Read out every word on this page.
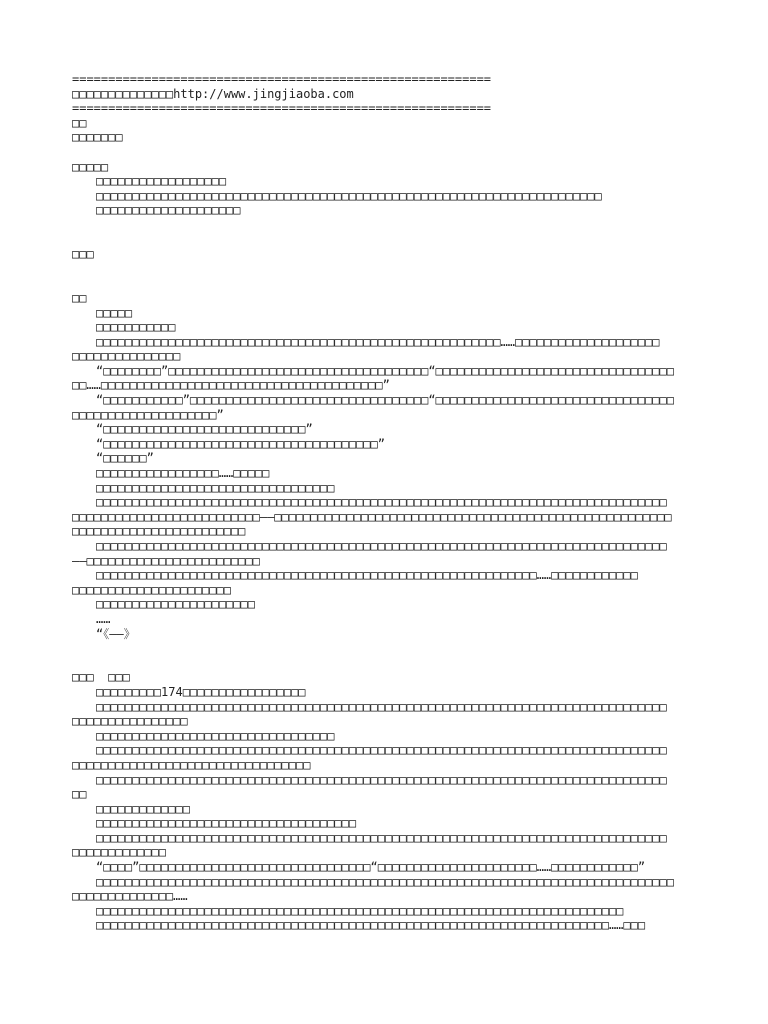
==========================================================
□□□□□□□□□□□□□□http://www.jingjiaoba.com
==========================================================
□□
□□□□□□□
□□□□□
□□□□□□□□□□□□□□□□□□
□□□□□□□□□□□□□□□□□□□□□□□□□□□□□□□□□□□□□□□□□□□□□□□□□□□□□□□□□□□□□□□□□□□□□□
□□□□□□□□□□□□□□□□□□□□
□□□
□□
□□□□□
□□□□□□□□□□□
□□□□□□□□□□□□□□□□□□□□□□□□□□□□□□□□□□□□□□□□□□□□□□□□□□□□□□□□……□□□□□□□□□□□□□□□□□□□□
□□□□□□□□□□□□□□□
“□□□□□□□□”□□□□□□□□□□□□□□□□□□□□□□□□□□□□□□□□□□□□“□□□□□□□□□□□□□□□□□□□□□□□□□□□□□□□□□
□□……□□□□□□□□□□□□□□□□□□□□□□□□□□□□□□□□□□□□□□□”
“□□□□□□□□□□□”□□□□□□□□□□□□□□□□□□□□□□□□□□□□□□□□□“□□□□□□□□□□□□□□□□□□□□□□□□□□□□□□□□□
□□□□□□□□□□□□□□□□□□□□”
“□□□□□□□□□□□□□□□□□□□□□□□□□□□□”
“□□□□□□□□□□□□□□□□□□□□□□□□□□□□□□□□□□□□□□”
“□□□□□□”
□□□□□□□□□□□□□□□□□……□□□□□
□□□□□□□□□□□□□□□□□□□□□□□□□□□□□□□□□
□□□□□□□□□□□□□□□□□□□□□□□□□□□□□□□□□□□□□□□□□□□□□□□□□□□□□□□□□□□□□□□□□□□□□□□□□□□□□□□
□□□□□□□□□□□□□□□□□□□□□□□□□□——□□□□□□□□□□□□□□□□□□□□□□□□□□□□□□□□□□□□□□□□□□□□□□□□□□□□□□□
□□□□□□□□□□□□□□□□□□□□□□□□
□□□□□□□□□□□□□□□□□□□□□□□□□□□□□□□□□□□□□□□□□□□□□□□□□□□□□□□□□□□□□□□□□□□□□□□□□□□□□□□
——□□□□□□□□□□□□□□□□□□□□□□□□
□□□□□□□□□□□□□□□□□□□□□□□□□□□□□□□□□□□□□□□□□□□□□□□□□□□□□□□□□□□□□……□□□□□□□□□□□□
□□□□□□□□□□□□□□□□□□□□□□
□□□□□□□□□□□□□□□□□□□□□□
……
“《——》
□□□  □□□
□□□□□□□□□174□□□□□□□□□□□□□□□□□
□□□□□□□□□□□□□□□□□□□□□□□□□□□□□□□□□□□□□□□□□□□□□□□□□□□□□□□□□□□□□□□□□□□□□□□□□□□□□□□
□□□□□□□□□□□□□□□□
□□□□□□□□□□□□□□□□□□□□□□□□□□□□□□□□□
□□□□□□□□□□□□□□□□□□□□□□□□□□□□□□□□□□□□□□□□□□□□□□□□□□□□□□□□□□□□□□□□□□□□□□□□□□□□□□□
□□□□□□□□□□□□□□□□□□□□□□□□□□□□□□□□□
□□□□□□□□□□□□□□□□□□□□□□□□□□□□□□□□□□□□□□□□□□□□□□□□□□□□□□□□□□□□□□□□□□□□□□□□□□□□□□□
□□
□□□□□□□□□□□□□
□□□□□□□□□□□□□□□□□□□□□□□□□□□□□□□□□□□□
□□□□□□□□□□□□□□□□□□□□□□□□□□□□□□□□□□□□□□□□□□□□□□□□□□□□□□□□□□□□□□□□□□□□□□□□□□□□□□□
□□□□□□□□□□□□□
“□□□□”□□□□□□□□□□□□□□□□□□□□□□□□□□□□□□□□“□□□□□□□□□□□□□□□□□□□□□□……□□□□□□□□□□□□”
□□□□□□□□□□□□□□□□□□□□□□□□□□□□□□□□□□□□□□□□□□□□□□□□□□□□□□□□□□□□□□□□□□□□□□□□□□□□□□□□
□□□□□□□□□□□□□□……
□□□□□□□□□□□□□□□□□□□□□□□□□□□□□□□□□□□□□□□□□□□□□□□□□□□□□□□□□□□□□□□□□□□□□□□□□
□□□□□□□□□□□□□□□□□□□□□□□□□□□□□□□□□□□□□□□□□□□□□□□□□□□□□□□□□□□□□□□□□□□□□□□……□□□
